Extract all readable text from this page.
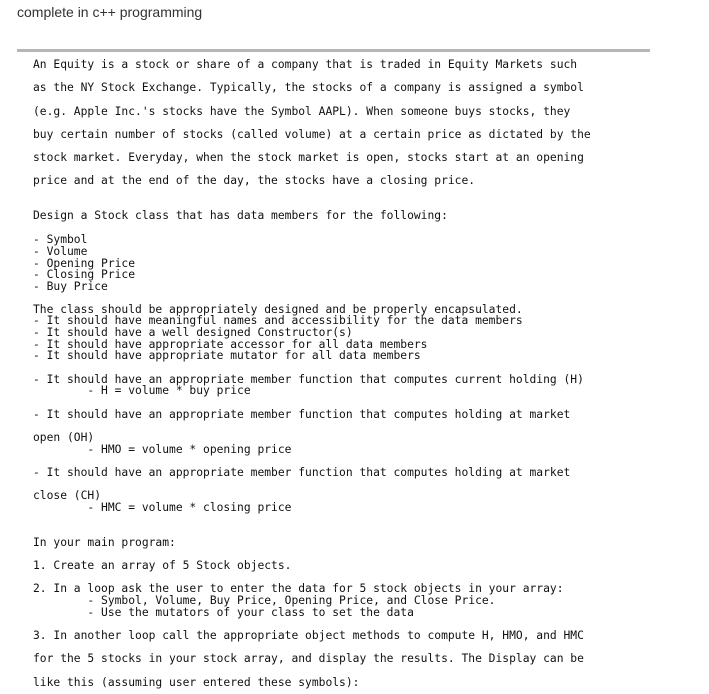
complete in c++ programming

An Equity is a stock or share of a company that is traded in Equity Markets such

as the NY Stock Exchange. Typically, the stocks of a company is assigned a symbol

(e.g. Apple Inc.'s stocks have the Symbol AAPL). When someone buys stocks, they

buy certain number of stocks (called volume) at a certain price as dictated by the

stock market. Everyday, when the stock market is open, stocks start at an opening

price and at the end of the day, the stocks have a closing price.

Design a Stock class that has data members for the following:

- Symbol

- Volume

- Opening Price

- Closing Price

- Buy Price

The class should be appropriately designed and be properly encapsulated.

- It should have meaningful names and accessibility for the data members

- It should have a well designed Constructor(s)

- It should have appropriate accessor for all data members

- It should have appropriate mutator for all data members

- It should have an appropriate member function that computes current holding (H)

- H = volume * buy price

- It should have an appropriate member function that computes holding at market

open (OH)

- HMO = volume * opening price

- It should have an appropriate member function that computes holding at market

close (CH)

- HMC = volume * closing price

In your main program:

1. Create an array of 5 Stock objects.

2. In a loop ask the user to enter the data for 5 stock objects in your array:

- Symbol, Volume, Buy Price, Opening Price, and Close Price.

- Use the mutators of your class to set the data

3. In another loop call the appropriate object methods to compute H, HMO, and HMC

for the 5 stocks in your stock array, and display the results. The Display can be

like this (assuming user entered these symbols):
